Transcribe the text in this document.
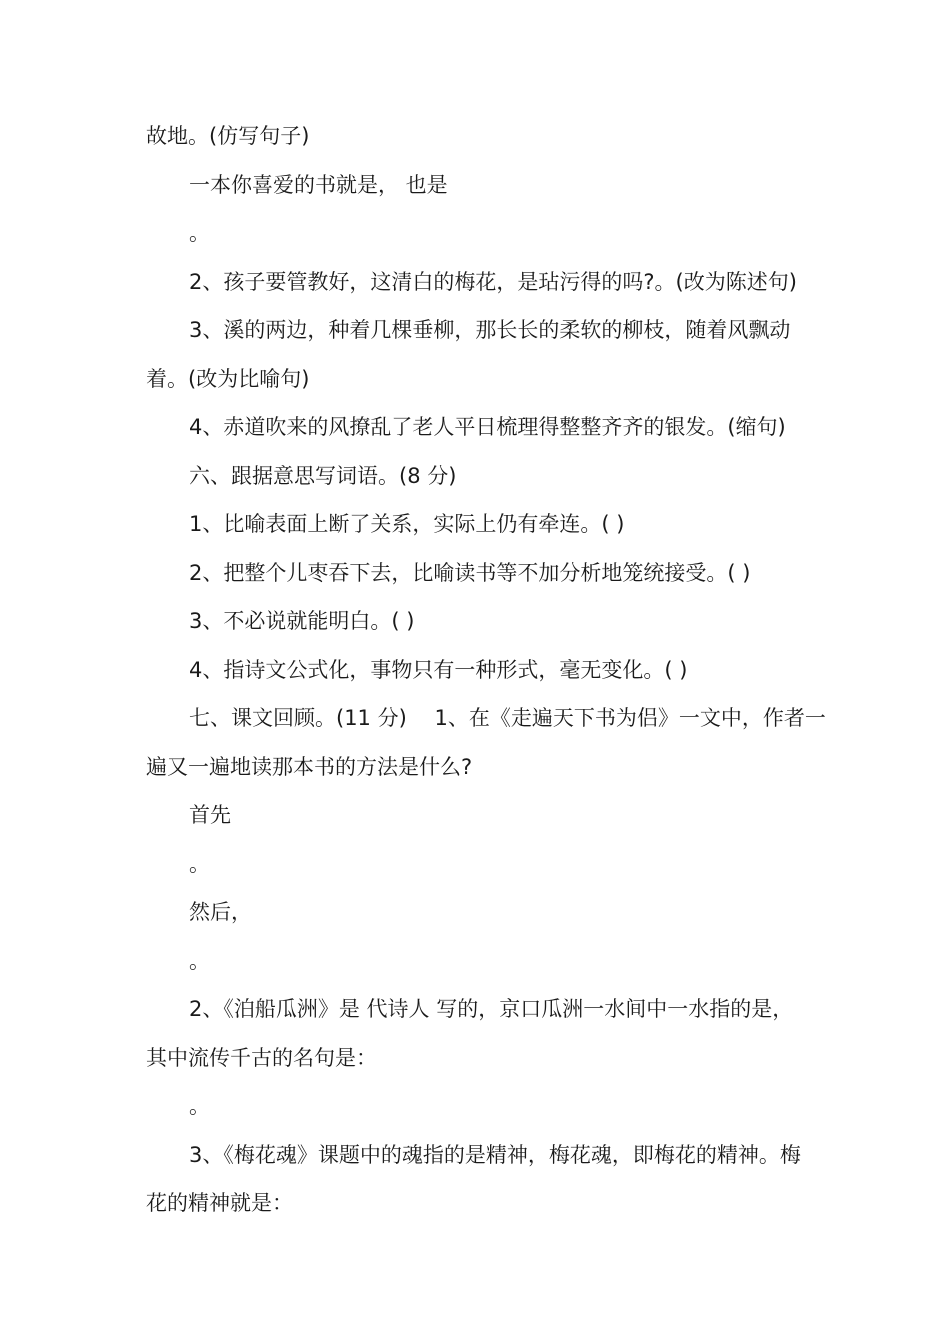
故地。(仿写句子)

一本你喜爱的书就是， 也是

。

2、孩子要管教好，这清白的梅花，是玷污得的吗?。(改为陈述句)

3、溪的两边，种着几棵垂柳，那长长的柔软的柳枝，随着风飘动

着。(改为比喻句)

4、赤道吹来的风撩乱了老人平日梳理得整整齐齐的银发。(缩句)

六、跟据意思写词语。(8 分)

1、比喻表面上断了关系，实际上仍有牵连。( )

2、把整个儿枣吞下去，比喻读书等不加分析地笼统接受。( )

3、不必说就能明白。( )

4、指诗文公式化，事物只有一种形式，毫无变化。( )

七、课文回顾。(11 分)　 1、在《走遍天下书为侣》一文中，作者一

遍又一遍地读那本书的方法是什么?

首先

。

然后，

。

2、《泊船瓜洲》是 代诗人 写的，京口瓜洲一水间中一水指的是，

其中流传千古的名句是：

。

3、《梅花魂》课题中的魂指的是精神，梅花魂，即梅花的精神。梅

花的精神就是：
